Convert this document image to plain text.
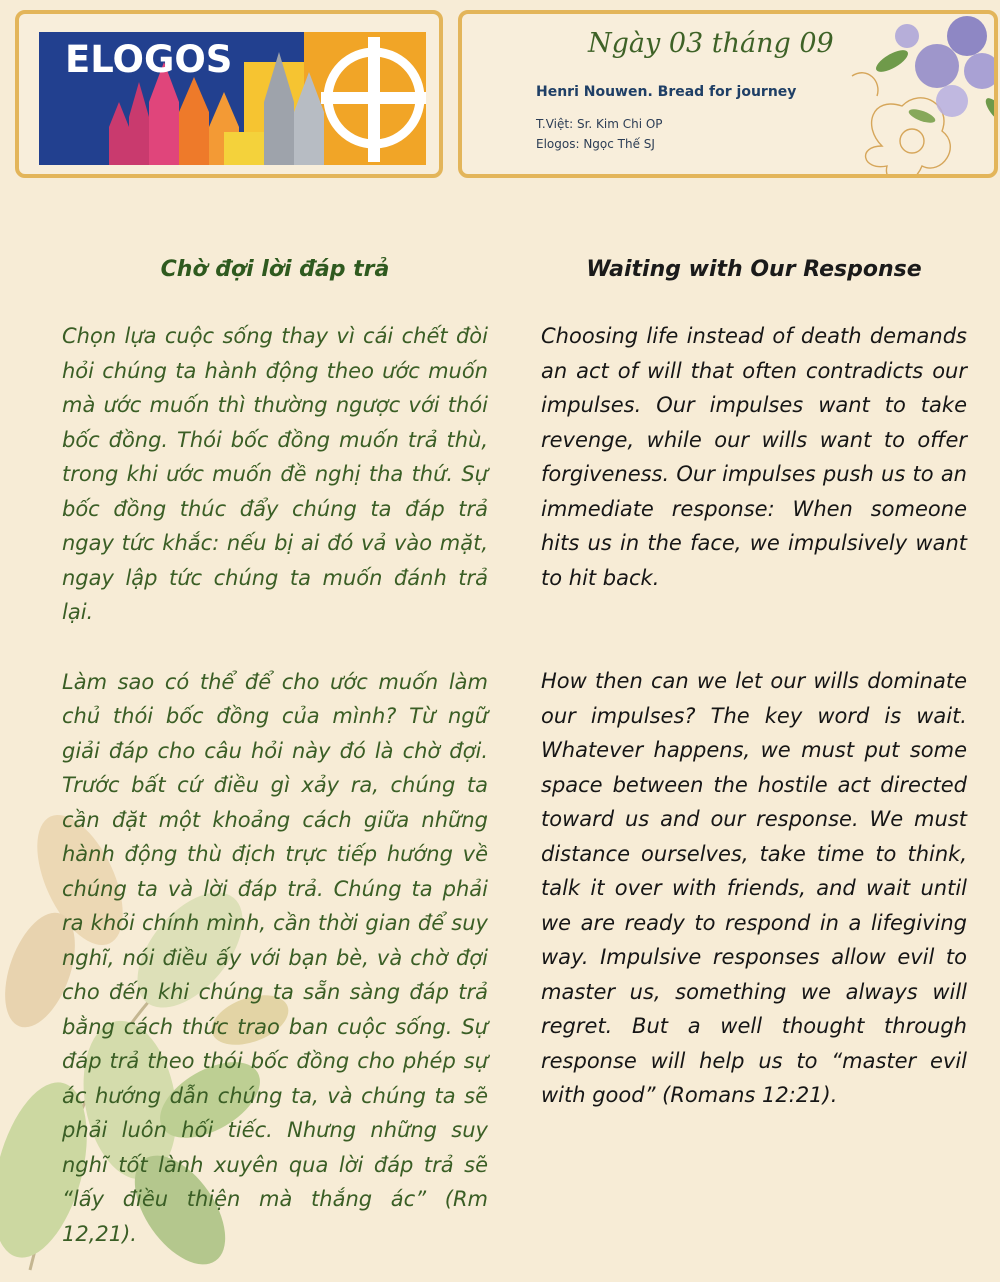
ELOGOS	Ngày 03 tháng 09
Henri Nouwen. Bread for journey
T.Việt: Sr. Kim Chi OP
Elogos: Ngọc Thế SJ
Chờ đợi lời đáp trả

Chọn lựa cuộc sống thay vì cái chết đòi hỏi chúng ta hành động theo ước muốn mà ước muốn thì thường ngược với thói bốc đồng. Thói bốc đồng muốn trả thù, trong khi ước muốn đề nghị tha thứ. Sự bốc đồng thúc đẩy chúng ta đáp trả ngay tức khắc: nếu bị ai đó vả vào mặt, ngay lập tức chúng ta muốn đánh trả lại.

Làm sao có thể để cho ước muốn làm chủ thói bốc đồng của mình? Từ ngữ giải đáp cho câu hỏi này đó là chờ đợi. Trước bất cứ điều gì xảy ra, chúng ta cần đặt một khoảng cách giữa những hành động thù địch trực tiếp hướng về chúng ta và lời đáp trả. Chúng ta phải ra khỏi chính mình, cần thời gian để suy nghĩ, nói điều ấy với bạn bè, và chờ đợi cho đến khi chúng ta sẵn sàng đáp trả bằng cách thức trao ban cuộc sống. Sự đáp trả theo thói bốc đồng cho phép sự ác hướng dẫn chúng ta, và chúng ta sẽ phải luôn hối tiếc. Nhưng những suy nghĩ tốt lành xuyên qua lời đáp trả sẽ “lấy điều thiện mà thắng ác” (Rm 12,21).

Waiting with Our Response

Choosing life instead of death demands an act of will that often contradicts our impulses. Our impulses want to take revenge, while our wills want to offer forgiveness. Our impulses push us to an immediate response: When someone hits us in the face, we impulsively want to hit back.

How then can we let our wills dominate our impulses? The key word is wait. Whatever happens, we must put some space between the hostile act directed toward us and our response. We must distance ourselves, take time to think, talk it over with friends, and wait until we are ready to respond in a lifegiving way. Impulsive responses allow evil to master us, something we always will regret. But a well thought through response will help us to “master evil with good” (Romans 12:21).
